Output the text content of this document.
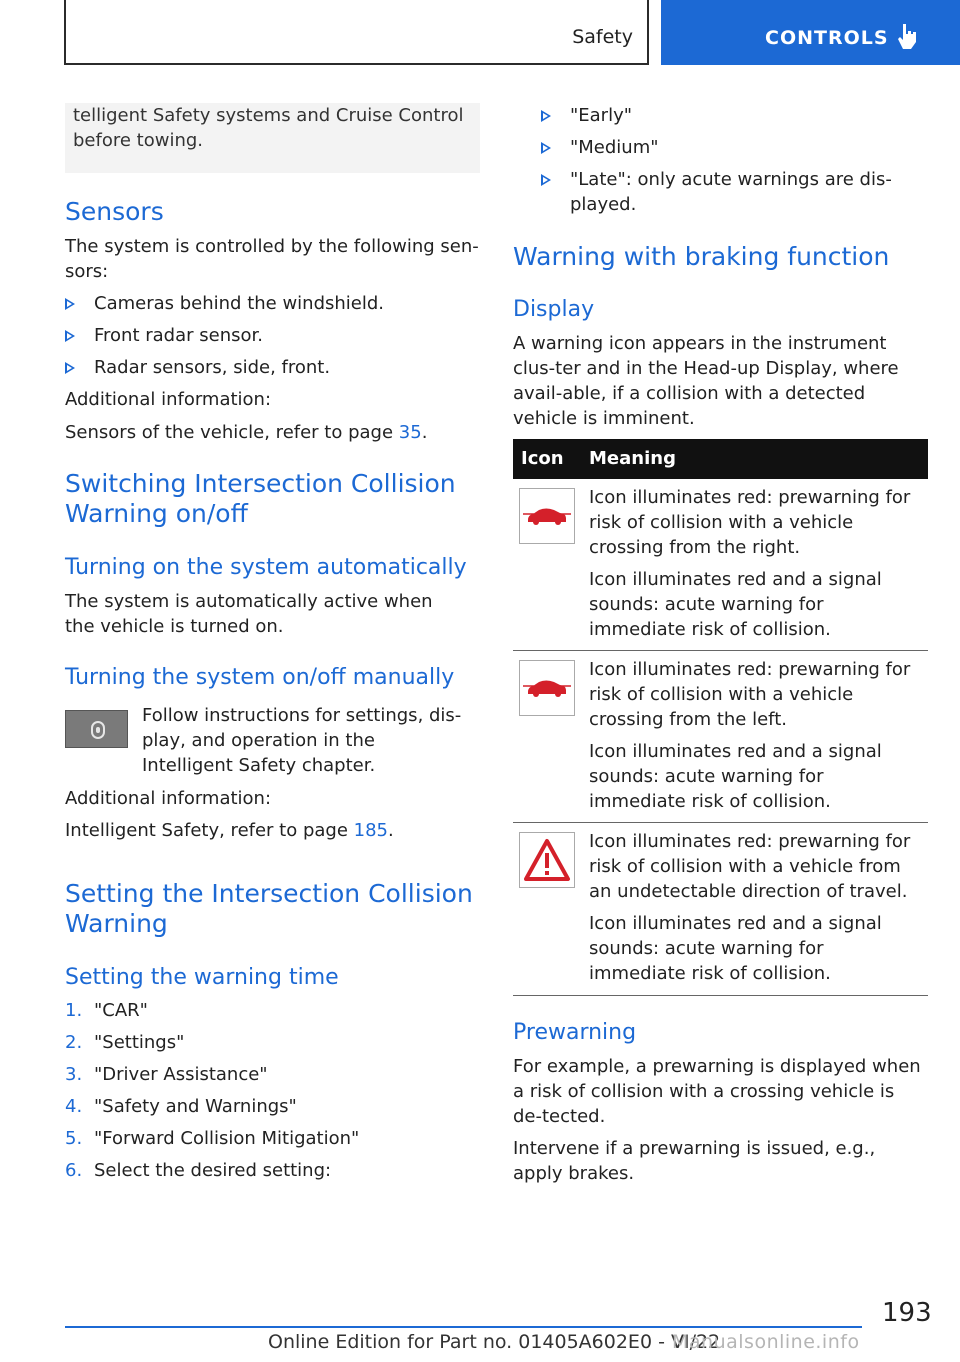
Safety	CONTROLS
telligent Safety systems and Cruise Control before towing.
Sensors
The system is controlled by the following sen-sors:
Cameras behind the windshield.
Front radar sensor.
Radar sensors, side, front.
Additional information:
Sensors of the vehicle, refer to page 35.
Switching Intersection Collision Warning on/off
Turning on the system automatically
The system is automatically active when the vehicle is turned on.
Turning the system on/off manually
Follow instructions for settings, dis-play, and operation in the Intelligent Safety chapter.
Additional information:
Intelligent Safety, refer to page 185.
Setting the Intersection Collision Warning
Setting the warning time
1. "CAR"
2. "Settings"
3. "Driver Assistance"
4. "Safety and Warnings"
5. "Forward Collision Mitigation"
6. Select the desired setting:
"Early"
"Medium"
"Late": only acute warnings are dis-played.
Warning with braking function
Display
A warning icon appears in the instrument clus-ter and in the Head-up Display, where avail-able, if a collision with a detected vehicle is imminent.
Icon Meaning
Icon illuminates red: prewarning for risk of collision with a vehicle crossing from the right.
Icon illuminates red and a signal sounds: acute warning for immediate risk of collision.
Icon illuminates red: prewarning for risk of collision with a vehicle crossing from the left.
Icon illuminates red and a signal sounds: acute warning for immediate risk of collision.
Icon illuminates red: prewarning for risk of collision with a vehicle from an undetectable direction of travel.
Icon illuminates red and a signal sounds: acute warning for immediate risk of collision.
Prewarning
For example, a prewarning is displayed when a risk of collision with a crossing vehicle is de-tected.
Intervene if a prewarning is issued, e.g., apply brakes.
193
Online Edition for Part no. 01405A602E0 - VI/22
Manualsonline.info
